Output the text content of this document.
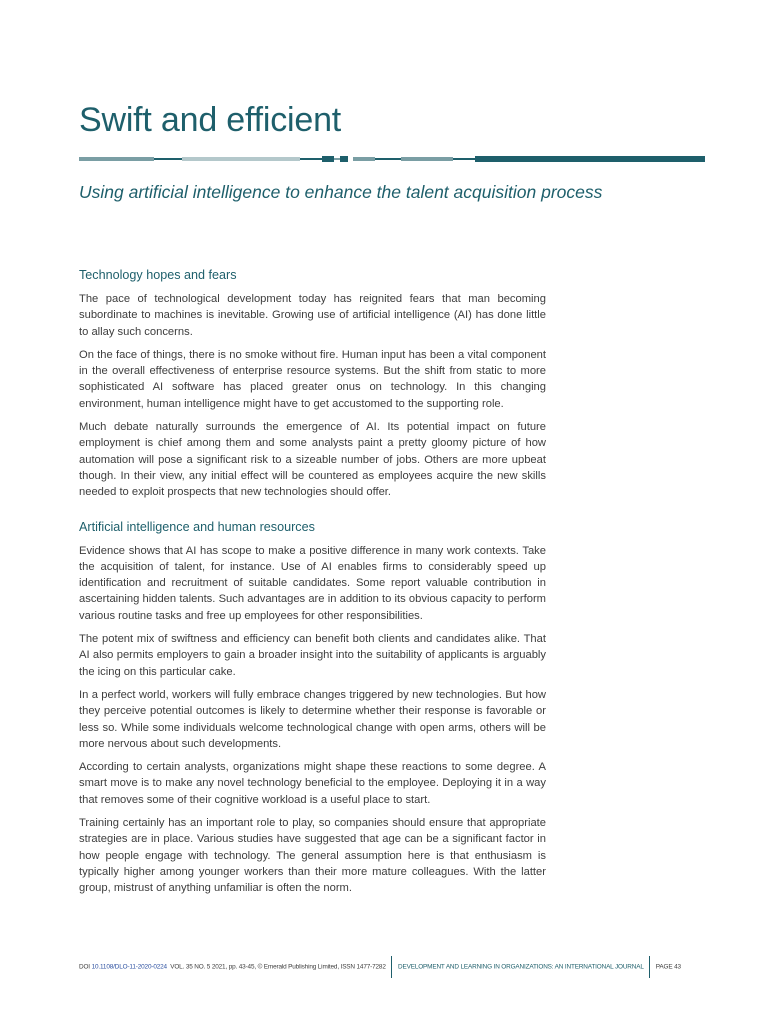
Swift and efficient
Using artificial intelligence to enhance the talent acquisition process
Technology hopes and fears

The pace of technological development today has reignited fears that man becoming subordinate to machines is inevitable. Growing use of artificial intelligence (AI) has done little to allay such concerns.

On the face of things, there is no smoke without fire. Human input has been a vital component in the overall effectiveness of enterprise resource systems. But the shift from static to more sophisticated AI software has placed greater onus on technology. In this changing environment, human intelligence might have to get accustomed to the supporting role.

Much debate naturally surrounds the emergence of AI. Its potential impact on future employment is chief among them and some analysts paint a pretty gloomy picture of how automation will pose a significant risk to a sizeable number of jobs. Others are more upbeat though. In their view, any initial effect will be countered as employees acquire the new skills needed to exploit prospects that new technologies should offer.

Artificial intelligence and human resources

Evidence shows that AI has scope to make a positive difference in many work contexts. Take the acquisition of talent, for instance. Use of AI enables firms to considerably speed up identification and recruitment of suitable candidates. Some report valuable contribution in ascertaining hidden talents. Such advantages are in addition to its obvious capacity to perform various routine tasks and free up employees for other responsibilities.

The potent mix of swiftness and efficiency can benefit both clients and candidates alike. That AI also permits employers to gain a broader insight into the suitability of applicants is arguably the icing on this particular cake.

In a perfect world, workers will fully embrace changes triggered by new technologies. But how they perceive potential outcomes is likely to determine whether their response is favorable or less so. While some individuals welcome technological change with open arms, others will be more nervous about such developments.

According to certain analysts, organizations might shape these reactions to some degree. A smart move is to make any novel technology beneficial to the employee. Deploying it in a way that removes some of their cognitive workload is a useful place to start.

Training certainly has an important role to play, so companies should ensure that appropriate strategies are in place. Various studies have suggested that age can be a significant factor in how people engage with technology. The general assumption here is that enthusiasm is typically higher among younger workers than their more mature colleagues. With the latter group, mistrust of anything unfamiliar is often the norm.

DOI 10.1108/DLO-11-2020-0224 VOL. 35 NO. 5 2021, pp. 43-45, © Emerald Publishing Limited, ISSN 1477-7282 DEVELOPMENT AND LEARNING IN ORGANIZATIONS: AN INTERNATIONAL JOURNAL PAGE 43
